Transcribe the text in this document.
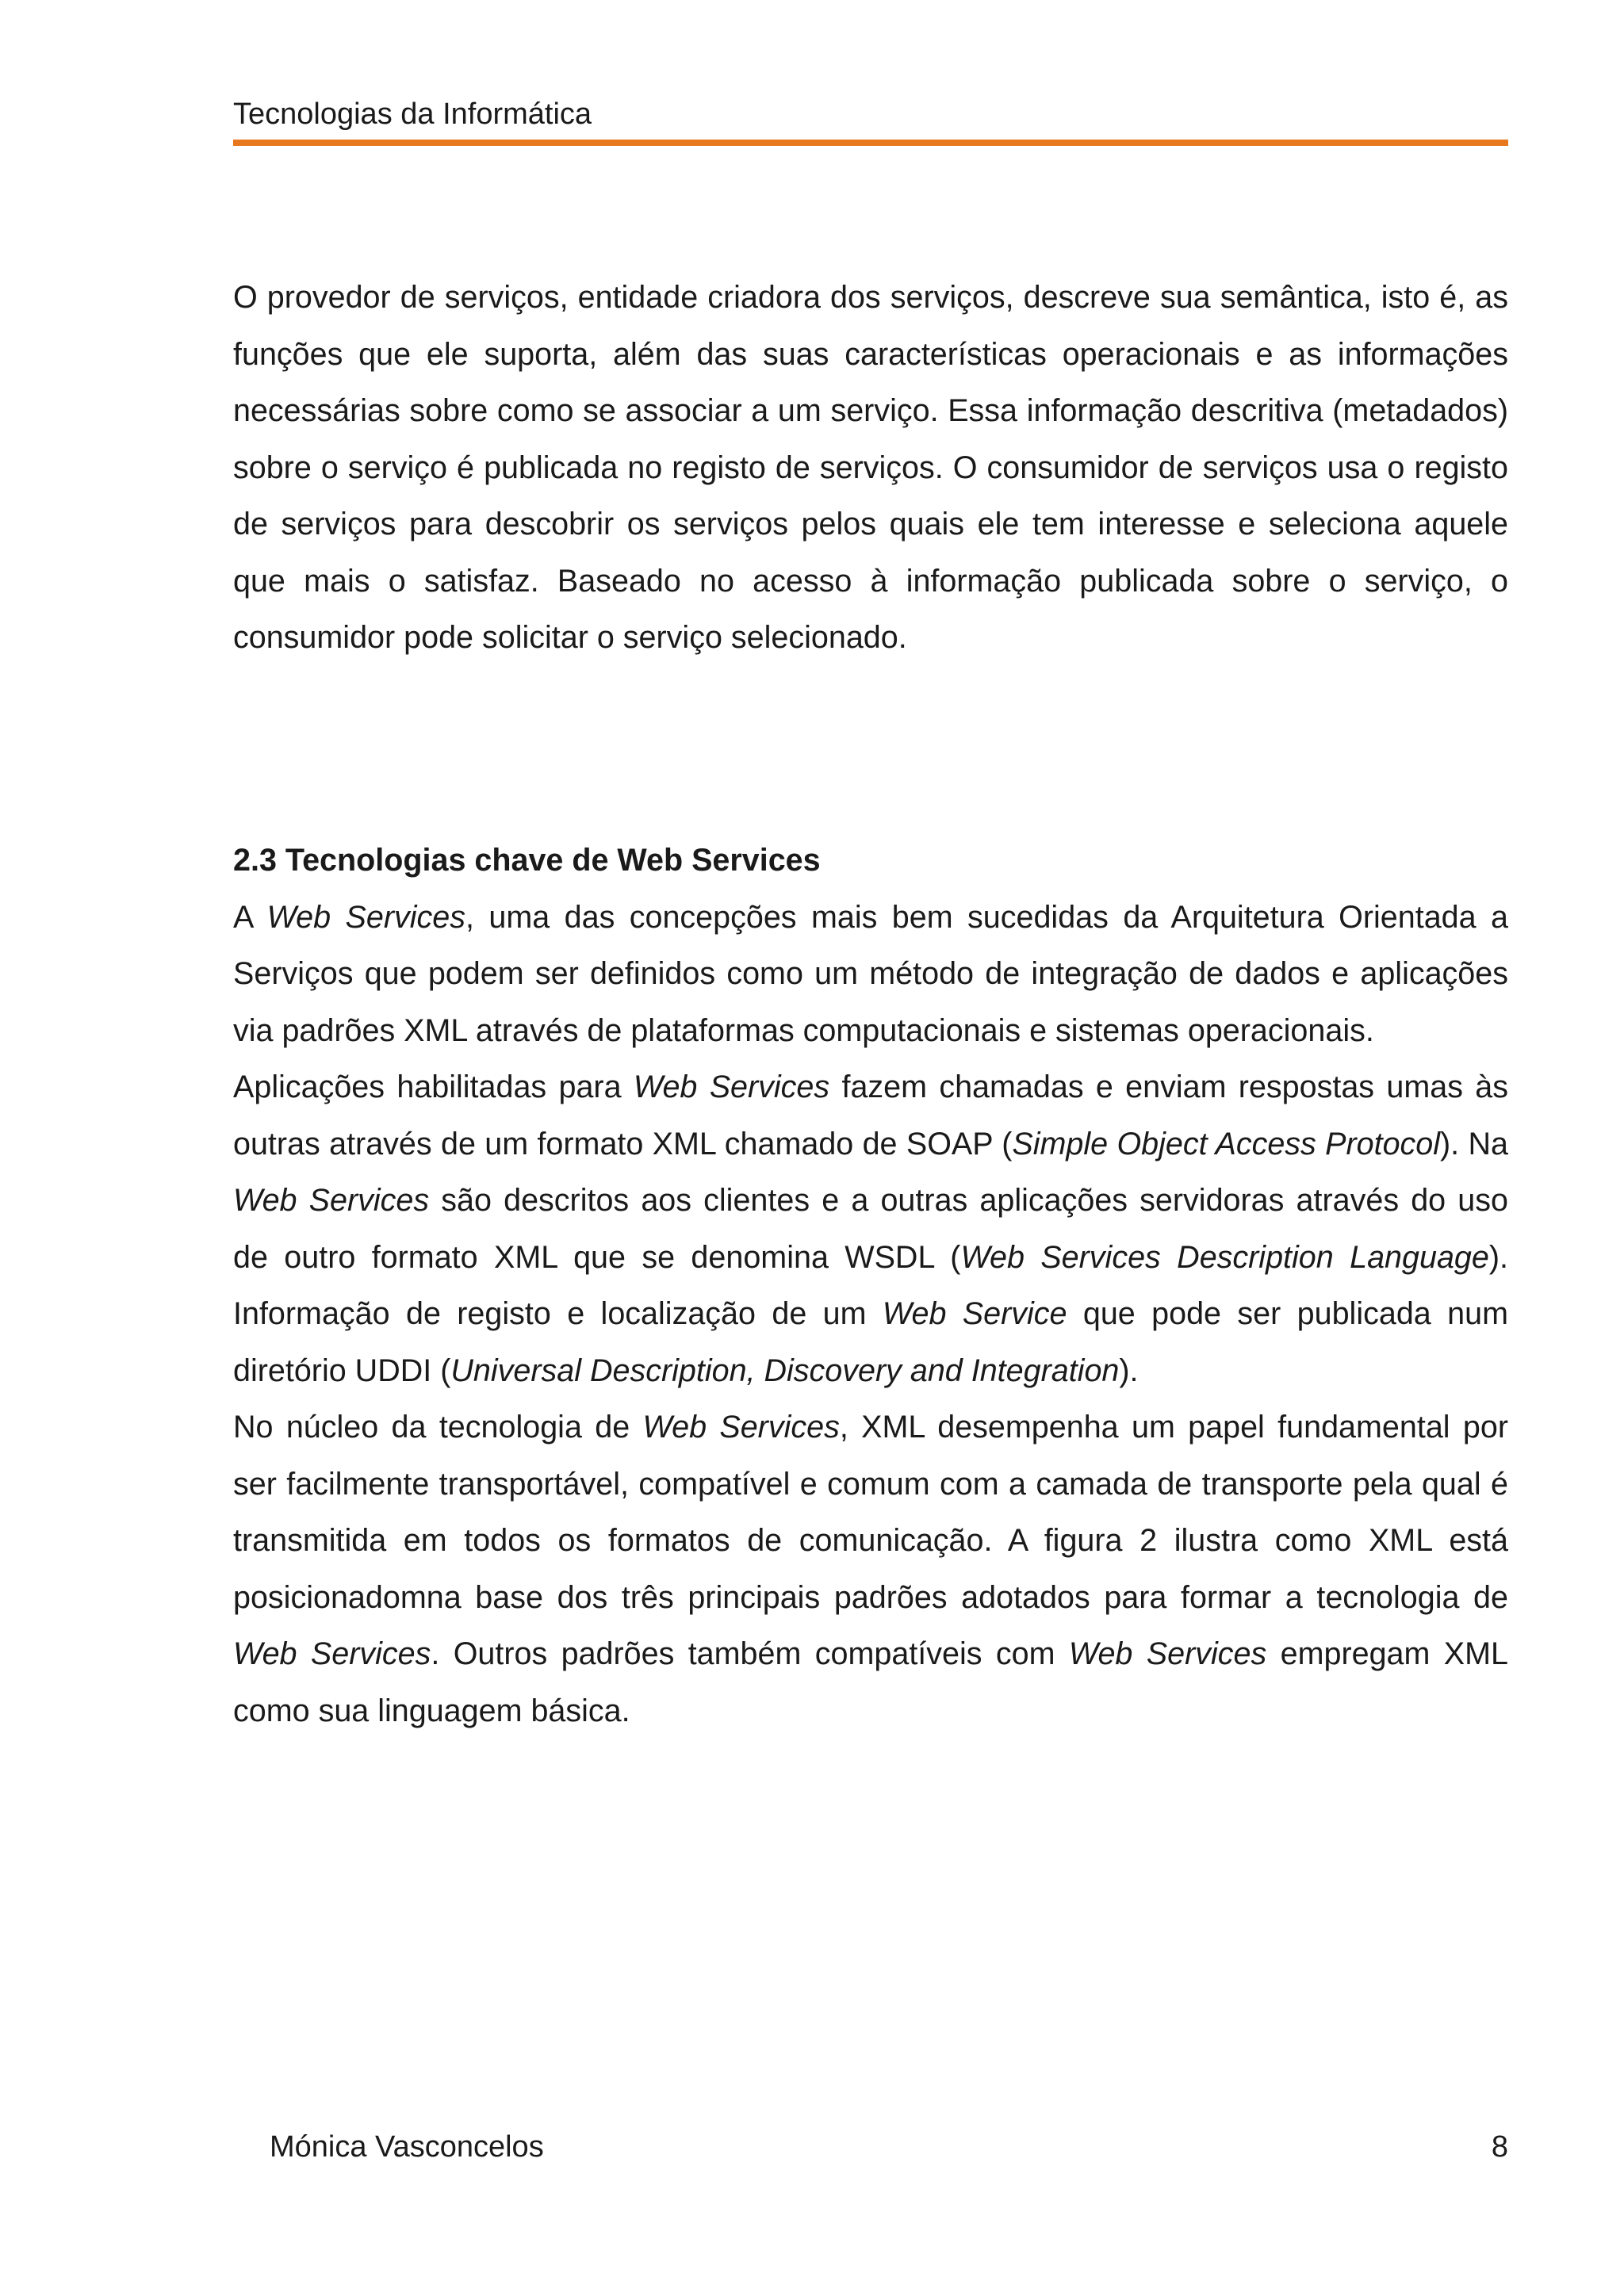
Tecnologias da Informática

O provedor de serviços, entidade criadora dos serviços, descreve sua semântica, isto é, as funções que ele suporta, além das suas características operacionais e as informações necessárias sobre como se associar a um serviço. Essa informação descritiva (metadados) sobre o serviço é publicada no registo de serviços. O consumidor de serviços usa o registo de serviços para descobrir os serviços pelos quais ele tem interesse e seleciona aquele que mais o satisfaz. Baseado no acesso à informação publicada sobre o serviço, o consumidor pode solicitar o serviço selecionado.

2.3 Tecnologias chave de Web Services

A Web Services, uma das concepções mais bem sucedidas da Arquitetura Orientada a Serviços que podem ser definidos como um método de integração de dados e aplicações via padrões XML através de plataformas computacionais e sistemas operacionais.

Aplicações habilitadas para Web Services fazem chamadas e enviam respostas umas às outras através de um formato XML chamado de SOAP (Simple Object Access Protocol). Na Web Services são descritos aos clientes e a outras aplicações servidoras através do uso de outro formato XML que se denomina WSDL (Web Services Description Language). Informação de registo e localização de um Web Service que pode ser publicada num diretório UDDI (Universal Description, Discovery and Integration).

No núcleo da tecnologia de Web Services, XML desempenha um papel fundamental por ser facilmente transportável, compatível e comum com a camada de transporte pela qual é transmitida em todos os formatos de comunicação. A figura 2 ilustra como XML está posicionadomna base dos três principais padrões adotados para formar a tecnologia de Web Services. Outros padrões também compatíveis com Web Services empregam XML como sua linguagem básica.

Mónica Vasconcelos	8
